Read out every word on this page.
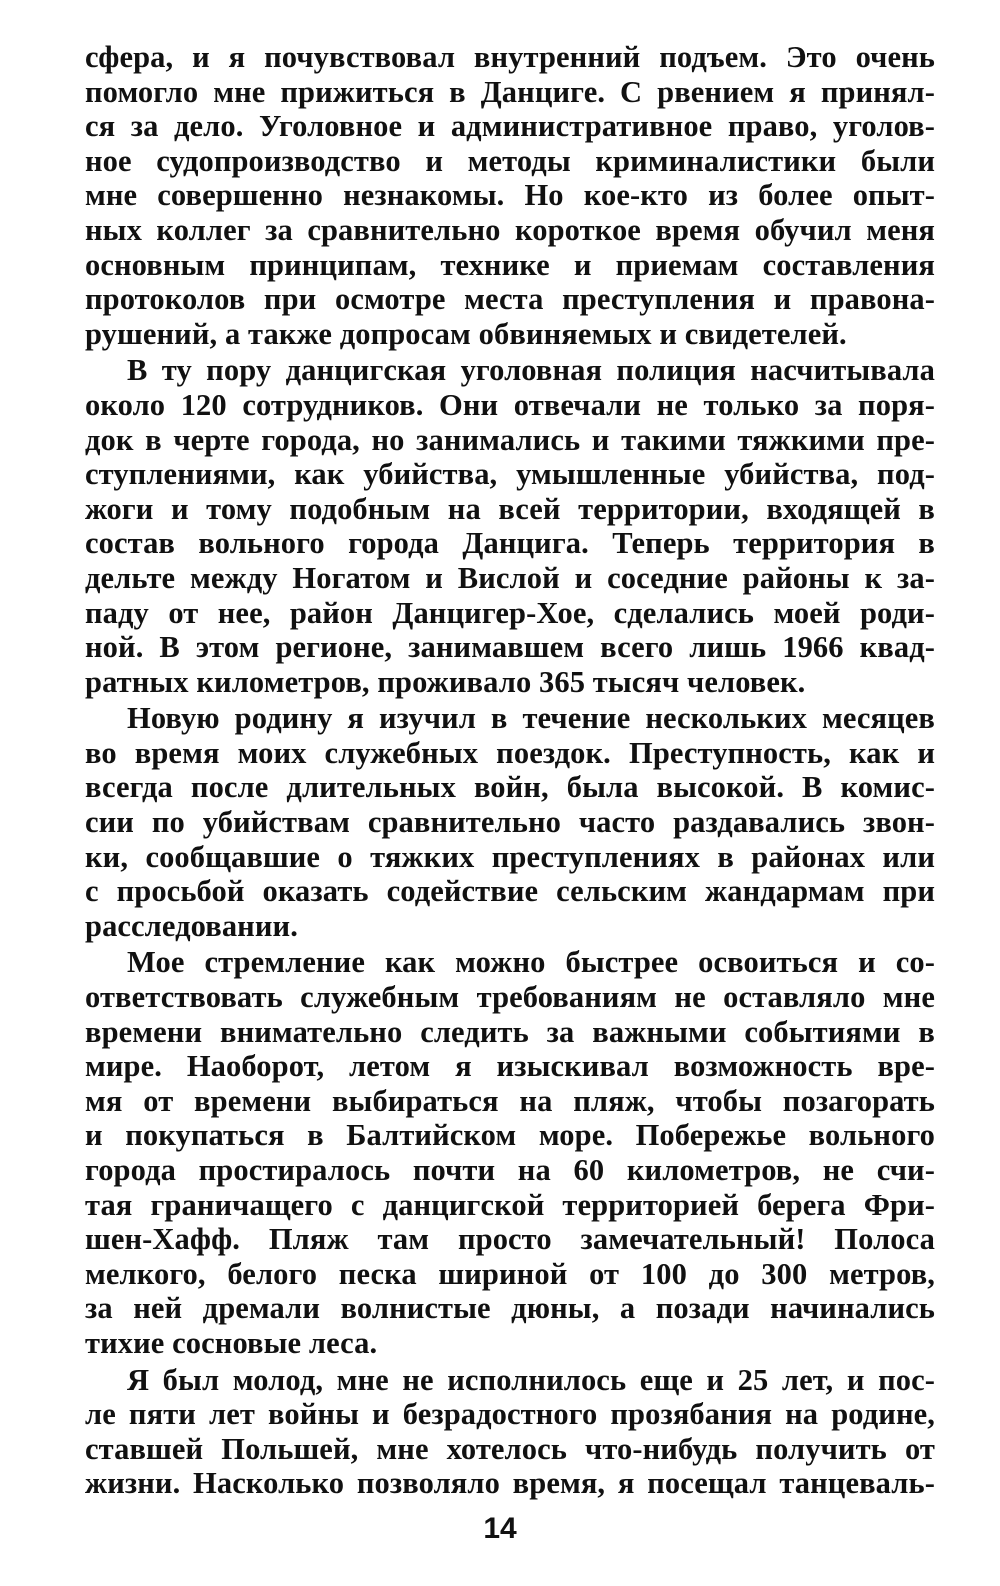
сфера, и я почувствовал внутренний подъем. Это очень
помогло мне прижиться в Данциге. С рвением я принял-
ся за дело. Уголовное и административное право, уголов-
ное судопроизводство и методы криминалистики были
мне совершенно незнакомы. Но кое-кто из более опыт-
ных коллег за сравнительно короткое время обучил меня
основным принципам, технике и приемам составления
протоколов при осмотре места преступления и правона-
рушений, а также допросам обвиняемых и свидетелей.
В ту пору данцигская уголовная полиция насчитывала
около 120 сотрудников. Они отвечали не только за поря-
док в черте города, но занимались и такими тяжкими пре-
ступлениями, как убийства, умышленные убийства, под-
жоги и тому подобным на всей территории, входящей в
состав вольного города Данцига. Теперь территория в
дельте между Ногатом и Вислой и соседние районы к за-
паду от нее, район Данцигер-Хое, сделались моей роди-
ной. В этом регионе, занимавшем всего лишь 1966 квад-
ратных километров, проживало 365 тысяч человек.
Новую родину я изучил в течение нескольких месяцев
во время моих служебных поездок. Преступность, как и
всегда после длительных войн, была высокой. В комис-
сии по убийствам сравнительно часто раздавались звон-
ки, сообщавшие о тяжких преступлениях в районах или
с просьбой оказать содействие сельским жандармам при
расследовании.
Мое стремление как можно быстрее освоиться и со-
ответствовать служебным требованиям не оставляло мне
времени внимательно следить за важными событиями в
мире. Наоборот, летом я изыскивал возможность вре-
мя от времени выбираться на пляж, чтобы позагорать
и покупаться в Балтийском море. Побережье вольного
города простиралось почти на 60 километров, не счи-
тая граничащего с данцигской территорией берега Фри-
шен-Хафф. Пляж там просто замечательный! Полоса
мелкого, белого песка шириной от 100 до 300 метров,
за ней дремали волнистые дюны, а позади начинались
тихие сосновые леса.
Я был молод, мне не исполнилось еще и 25 лет, и пос-
ле пяти лет войны и безрадостного прозябания на родине,
ставшей Польшей, мне хотелось что-нибудь получить от
жизни. Насколько позволяло время, я посещал танцеваль-
14
